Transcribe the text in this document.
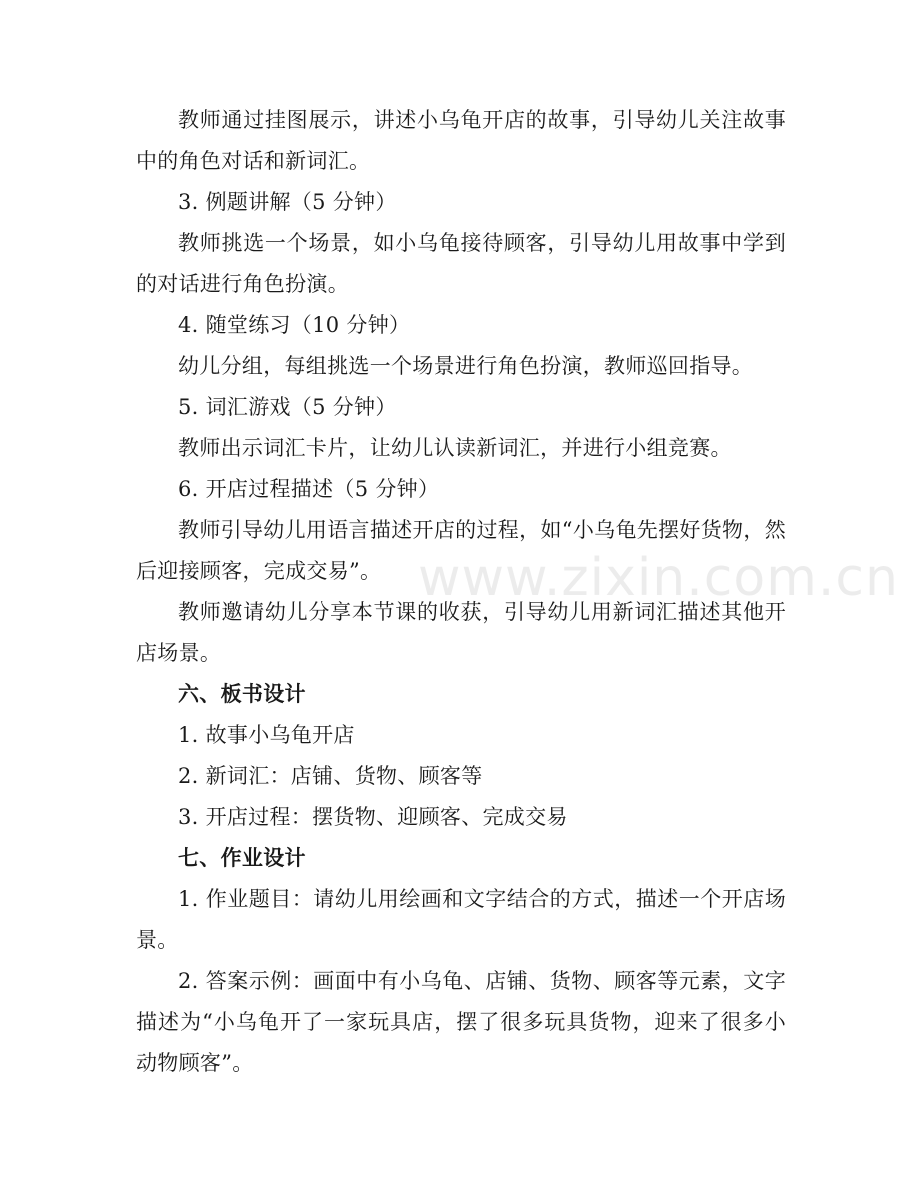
教师通过挂图展示，讲述小乌龟开店的故事，引导幼儿关注故事中的角色对话和新词汇。

3. 例题讲解（5 分钟）

教师挑选一个场景，如小乌龟接待顾客，引导幼儿用故事中学到的对话进行角色扮演。

4. 随堂练习（10 分钟）

幼儿分组，每组挑选一个场景进行角色扮演，教师巡回指导。

5. 词汇游戏（5 分钟）

教师出示词汇卡片，让幼儿认读新词汇，并进行小组竞赛。

6. 开店过程描述（5 分钟）

教师引导幼儿用语言描述开店的过程，如“小乌龟先摆好货物，然后迎接顾客，完成交易”。

教师邀请幼儿分享本节课的收获，引导幼儿用新词汇描述其他开店场景。

六、板书设计

1. 故事小乌龟开店

2. 新词汇：店铺、货物、顾客等

3. 开店过程：摆货物、迎顾客、完成交易

七、作业设计

1. 作业题目：请幼儿用绘画和文字结合的方式，描述一个开店场景。

2. 答案示例：画面中有小乌龟、店铺、货物、顾客等元素，文字描述为“小乌龟开了一家玩具店，摆了很多玩具货物，迎来了很多小动物顾客”。

www.zixin.com.cn
